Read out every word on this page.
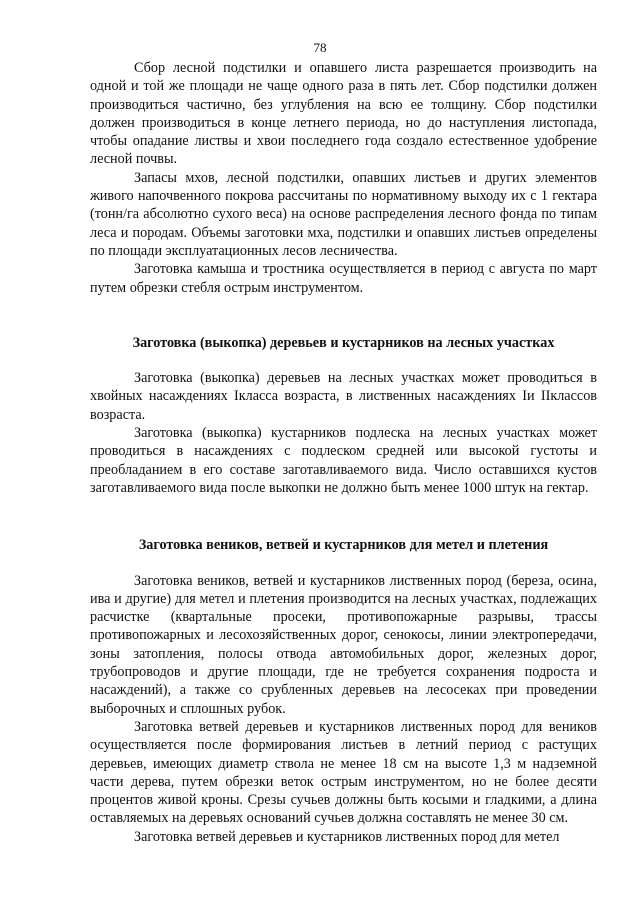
78

Сбор лесной подстилки и опавшего листа разрешается производить на одной и той же площади не чаще одного раза в пять лет. Сбор подстилки должен производиться частично, без углубления на всю ее толщину. Сбор подстилки должен производиться в конце летнего периода, но до наступления листопада, чтобы опадание листвы и хвои последнего года создало естественное удобрение лесной почвы.

Запасы мхов, лесной подстилки, опавших листьев и других элементов живого напочвенного покрова рассчитаны по нормативному выходу их с 1 гектара (тонн/га абсолютно сухого веса) на основе распределения лесного фонда по типам леса и породам. Объемы заготовки мха, подстилки и опавших листьев определены по площади эксплуатационных лесов лесничества.

Заготовка камыша и тростника осуществляется в период с августа по март путем обрезки стебля острым инструментом.

Заготовка (выкопка) деревьев и кустарников на лесных участках

Заготовка (выкопка) деревьев на лесных участках может проводиться в хвойных насаждениях Iкласса возраста, в лиственных насаждениях Iи IIклассов возраста.

Заготовка (выкопка) кустарников подлеска на лесных участках может проводиться в насаждениях с подлеском средней или высокой густоты и преобладанием в его составе заготавливаемого вида. Число оставшихся кустов заготавливаемого вида после выкопки не должно быть менее 1000 штук на гектар.

Заготовка веников, ветвей и кустарников для метел и плетения

Заготовка веников, ветвей и кустарников лиственных пород (береза, осина, ива и другие) для метел и плетения производится на лесных участках, подлежащих расчистке (квартальные просеки, противопожарные разрывы, трассы противопожарных и лесохозяйственных дорог, сенокосы, линии электропередачи, зоны затопления, полосы отвода автомобильных дорог, железных дорог, трубопроводов и другие площади, где не требуется сохранения подроста и насаждений), а также со срубленных деревьев на лесосеках при проведении выборочных и сплошных рубок.

Заготовка ветвей деревьев и кустарников лиственных пород для веников осуществляется после формирования листьев в летний период с растущих деревьев, имеющих диаметр ствола не менее 18 см на высоте 1,3 м надземной части дерева, путем обрезки веток острым инструментом, но не более десяти процентов живой кроны. Срезы сучьев должны быть косыми и гладкими, а длина оставляемых на деревьях оснований сучьев должна составлять не менее 30 см.

Заготовка ветвей деревьев и кустарников лиственных пород для метел
